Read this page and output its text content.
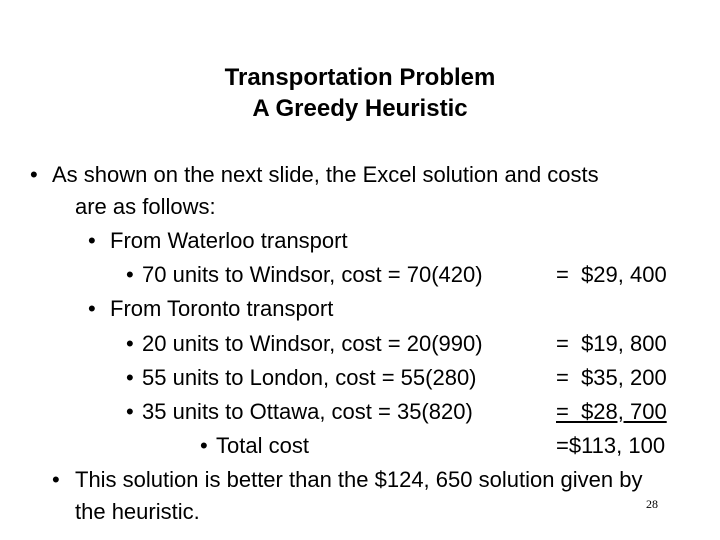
Transportation Problem
A Greedy Heuristic
• As shown on the next slide, the Excel solution and costs
are as follows:
• From Waterloo transport
• 70 units to Windsor, cost = 70(420)	=  $29, 400
• From Toronto transport
• 20 units to Windsor, cost = 20(990)	=  $19, 800
• 55 units to London, cost = 55(280)	=  $35, 200
• 35 units to Ottawa, cost = 35(820)	=  $28, 700
• Total cost	=$113, 100
• This solution is better than the $124, 650 solution given by
the heuristic.	28
